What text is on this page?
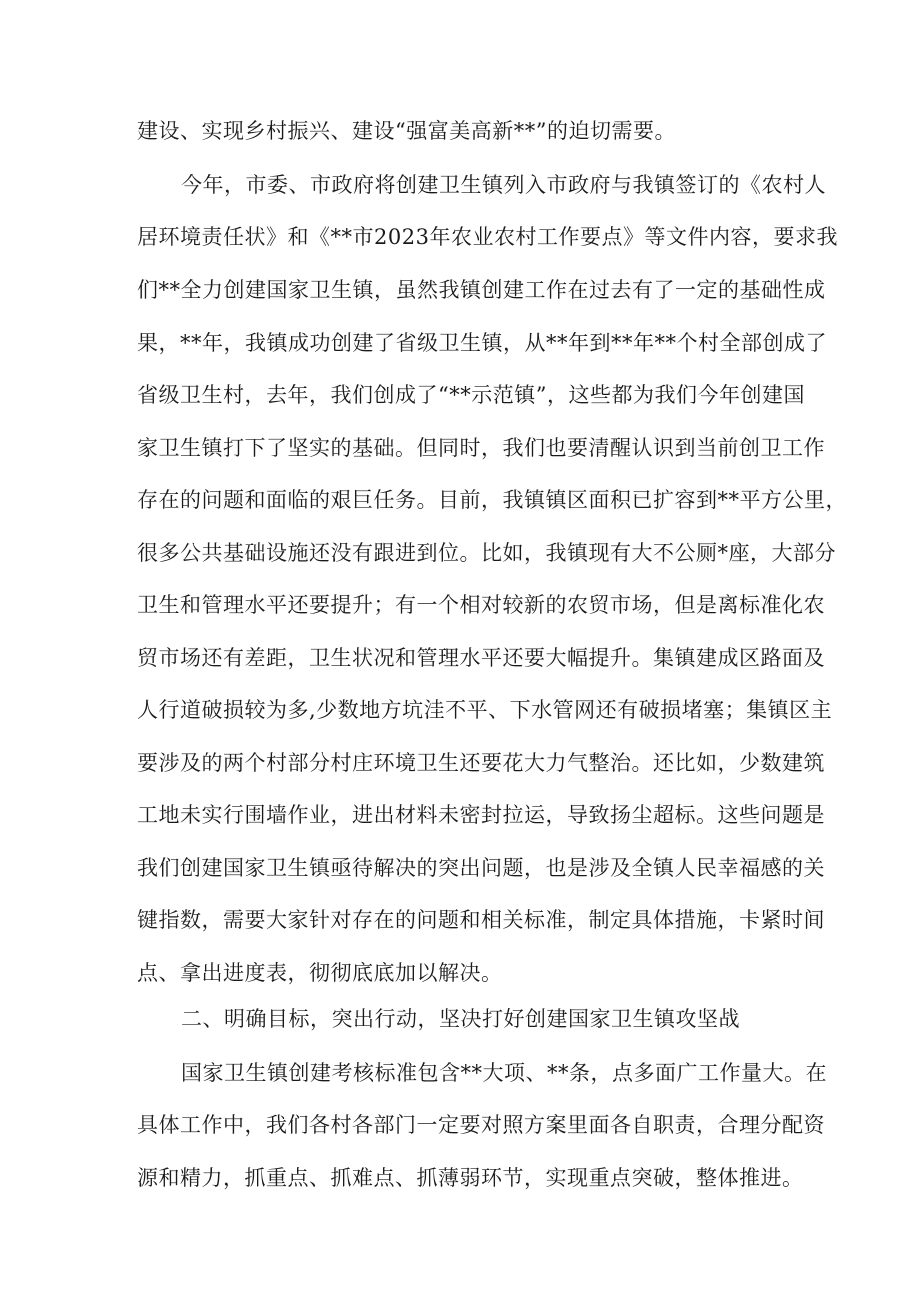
建设、实现乡村振兴、建设“强富美高新**”的迫切需要。
今年，市委、市政府将创建卫生镇列入市政府与我镇签订的《农村人
居环境责任状》和《**市2023年农业农村工作要点》等文件内容，要求我
们**全力创建国家卫生镇，虽然我镇创建工作在过去有了一定的基础性成
果，**年，我镇成功创建了省级卫生镇，从**年到**年**个村全部创成了
省级卫生村，去年，我们创成了“**示范镇”，这些都为我们今年创建国
家卫生镇打下了坚实的基础。但同时，我们也要清醒认识到当前创卫工作
存在的问题和面临的艰巨任务。目前，我镇镇区面积已扩容到**平方公里，
很多公共基础设施还没有跟进到位。比如，我镇现有大不公厕*座，大部分
卫生和管理水平还要提升；有一个相对较新的农贸市场，但是离标准化农
贸市场还有差距，卫生状况和管理水平还要大幅提升。集镇建成区路面及
人行道破损较为多,少数地方坑洼不平、下水管网还有破损堵塞；集镇区主
要涉及的两个村部分村庄环境卫生还要花大力气整治。还比如，少数建筑
工地未实行围墙作业，进出材料未密封拉运，导致扬尘超标。这些问题是
我们创建国家卫生镇亟待解决的突出问题，也是涉及全镇人民幸福感的关
键指数，需要大家针对存在的问题和相关标准，制定具体措施，卡紧时间
点、拿出进度表，彻彻底底加以解决。
二、明确目标，突出行动，坚决打好创建国家卫生镇攻坚战
国家卫生镇创建考核标准包含**大项、**条，点多面广工作量大。在
具体工作中，我们各村各部门一定要对照方案里面各自职责，合理分配资
源和精力，抓重点、抓难点、抓薄弱环节，实现重点突破，整体推进。
